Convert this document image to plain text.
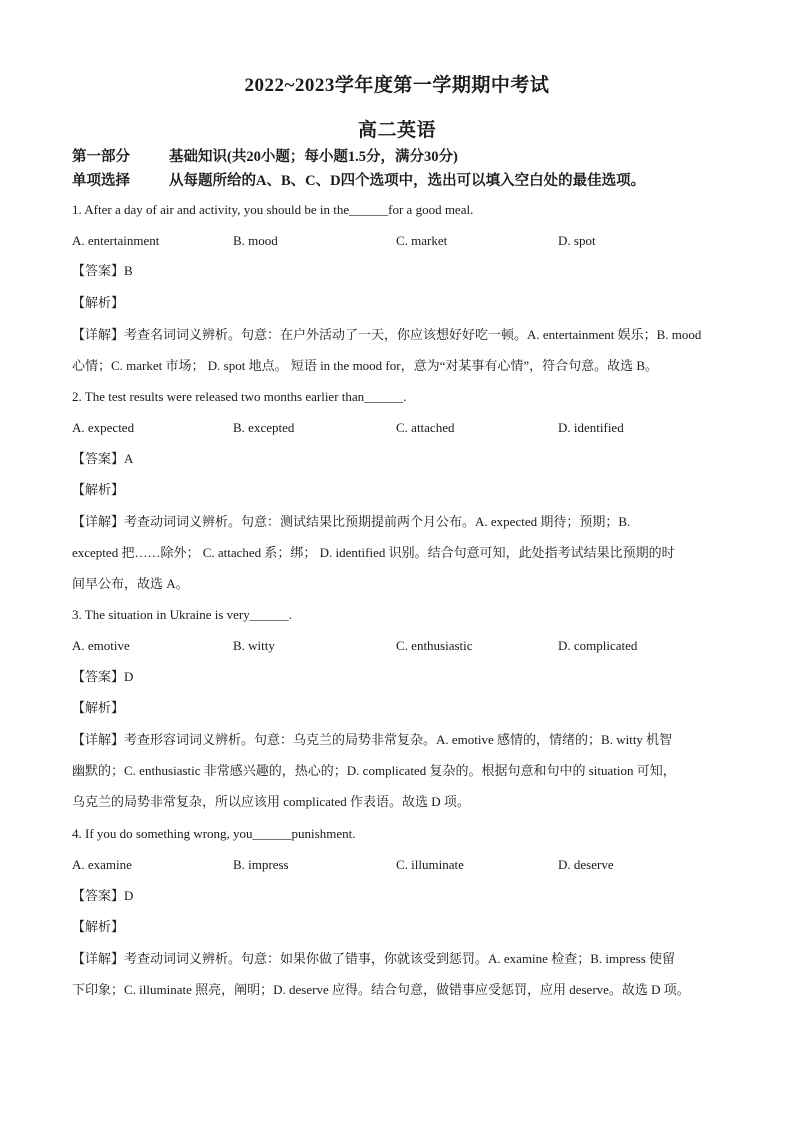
2022~2023学年度第一学期期中考试
高二英语
第一部分	基础知识(共20小题；每小题1.5分，满分30分)
单项选择	从每题所给的A、B、C、D四个选项中，选出可以填入空白处的最佳选项。
1. After a day of air and activity, you should be in the______for a good meal.
A. entertainment	B. mood	C. market	D. spot
【答案】B
【解析】
【详解】考查名词词义辨析。句意：在户外活动了一天，你应该想好好吃一顿。A. entertainment 娱乐；B. mood
心情；C. market 市场； D. spot 地点。 短语 in the mood for，意为“对某事有心情”，符合句意。故选 B。
2. The test results were released two months earlier than______.
A. expected	B. excepted	C. attached	D. identified
【答案】A
【解析】
【详解】考查动词词义辨析。句意：测试结果比预期提前两个月公布。A. expected 期待；预期；B.
excepted 把……除外； C. attached 系；绑； D. identified 识别。结合句意可知，此处指考试结果比预期的时
间早公布，故选 A。
3. The situation in Ukraine is very______.
A. emotive	B. witty	C. enthusiastic	D. complicated
【答案】D
【解析】
【详解】考查形容词词义辨析。句意：乌克兰的局势非常复杂。A. emotive 感情的，情绪的；B. witty 机智
幽默的；C. enthusiastic 非常感兴趣的，热心的；D. complicated 复杂的。根据句意和句中的 situation 可知，
乌克兰的局势非常复杂，所以应该用 complicated 作表语。故选 D 项。
4. If you do something wrong, you______punishment.
A. examine	B. impress	C. illuminate	D. deserve
【答案】D
【解析】
【详解】考查动词词义辨析。句意：如果你做了错事，你就该受到惩罚。A. examine 检查；B. impress 使留
下印象；C. illuminate 照亮，阐明；D. deserve 应得。结合句意，做错事应受惩罚，应用 deserve。故选 D 项。
